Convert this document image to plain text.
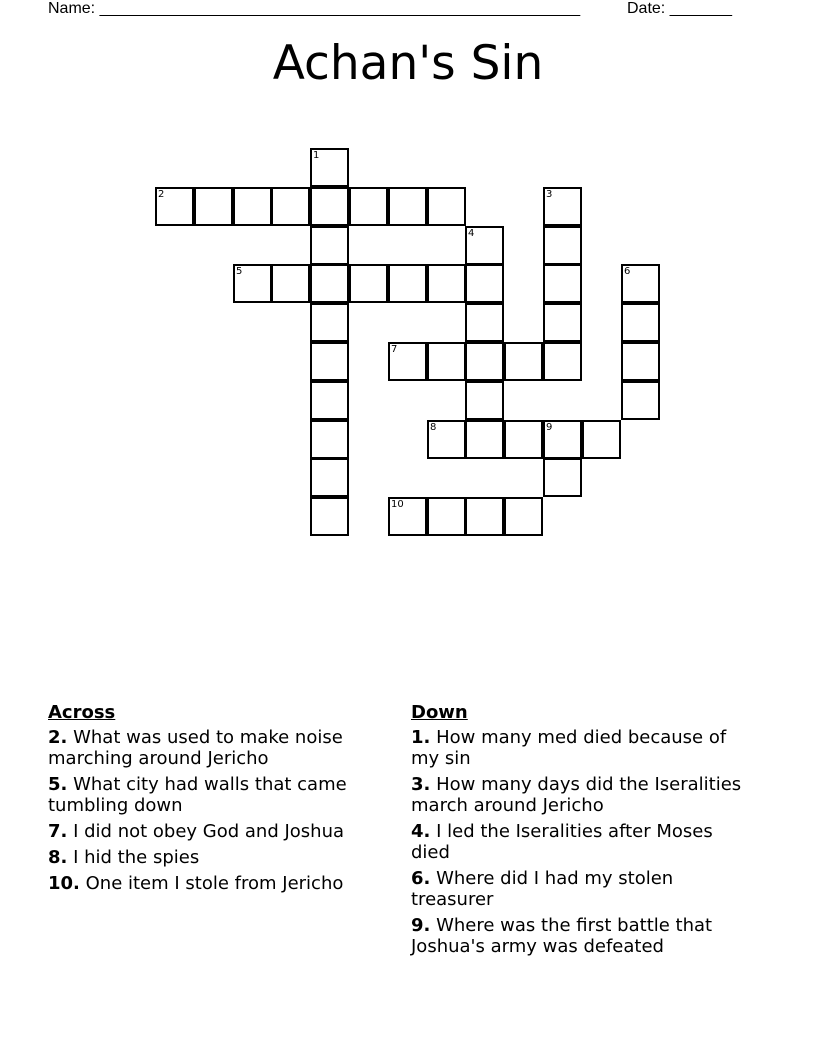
Name: ______________________________________________________	Date: _______
Achan's Sin
1
2	3
4
5	6
7
8	9
10
Across
2. What was used to make noise marching around Jericho
5. What city had walls that came tumbling down
7. I did not obey God and Joshua
8. I hid the spies
10. One item I stole from Jericho
Down
1. How many med died because of my sin
3. How many days did the Iseralities march around Jericho
4. I led the Iseralities after Moses died
6. Where did I had my stolen treasurer
9. Where was the first battle that Joshua's army was defeated
